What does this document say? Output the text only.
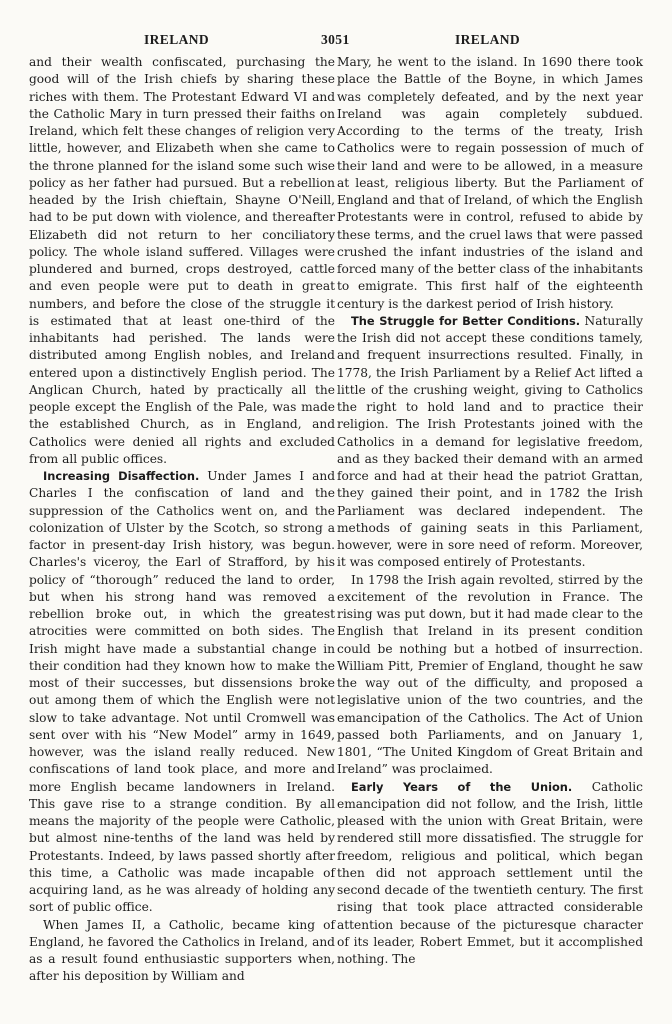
IRELAND	3051	IRELAND

and their wealth confiscated, purchasing the good will of the Irish chiefs by sharing these riches with them. The Protestant Edward VI and the Catholic Mary in turn pressed their faiths on Ireland, which felt these changes of religion very little, however, and Elizabeth when she came to the throne planned for the island some such wise policy as her father had pursued. But a rebellion headed by the Irish chieftain, Shayne O'Neill, had to be put down with violence, and thereafter Elizabeth did not return to her conciliatory policy. The whole island suffered. Villages were plundered and burned, crops destroyed, cattle and even people were put to death in great numbers, and before the close of the struggle it is estimated that at least one-third of the inhabitants had perished. The lands were distributed among English nobles, and Ireland entered upon a distinctively English period. The Anglican Church, hated by practically all the people except the English of the Pale, was made the established Church, as in England, and Catholics were denied all rights and excluded from all public offices.

Increasing Disaffection. Under James I and Charles I the confiscation of land and the suppression of the Catholics went on, and the colonization of Ulster by the Scotch, so strong a factor in present-day Irish history, was begun. Charles's viceroy, the Earl of Strafford, by his policy of “thorough” reduced the land to order, but when his strong hand was removed a rebellion broke out, in which the greatest atrocities were committed on both sides. The Irish might have made a substantial change in their condition had they known how to make the most of their successes, but dissensions broke out among them of which the English were not slow to take advantage. Not until Cromwell was sent over with his “New Model” army in 1649, however, was the island really reduced. New confiscations of land took place, and more and more English became landowners in Ireland. This gave rise to a strange condition. By all means the majority of the people were Catholic, but almost nine-tenths of the land was held by Protestants. Indeed, by laws passed shortly after this time, a Catholic was made incapable of acquiring land, as he was already of holding any sort of public office.

When James II, a Catholic, became king of England, he favored the Catholics in Ireland, and as a result found enthusiastic supporters when, after his deposition by William and

Mary, he went to the island. In 1690 there took place the Battle of the Boyne, in which James was completely defeated, and by the next year Ireland was again completely subdued. According to the terms of the treaty, Irish Catholics were to regain possession of much of their land and were to be allowed, in a measure at least, religious liberty. But the Parliament of England and that of Ireland, of which the English Protestants were in control, refused to abide by these terms, and the cruel laws that were passed crushed the infant industries of the island and forced many of the better class of the inhabitants to emigrate. This first half of the eighteenth century is the darkest period of Irish history.

The Struggle for Better Conditions. Naturally the Irish did not accept these conditions tamely, and frequent insurrections resulted. Finally, in 1778, the Irish Parliament by a Relief Act lifted a little of the crushing weight, giving to Catholics the right to hold land and to practice their religion. The Irish Protestants joined with the Catholics in a demand for legislative freedom, and as they backed their demand with an armed force and had at their head the patriot Grattan, they gained their point, and in 1782 the Irish Parliament was declared independent. The methods of gaining seats in this Parliament, however, were in sore need of reform. Moreover, it was composed entirely of Protestants.

In 1798 the Irish again revolted, stirred by the excitement of the revolution in France. The rising was put down, but it had made clear to the English that Ireland in its present condition could be nothing but a hotbed of insurrection. William Pitt, Premier of England, thought he saw the way out of the difficulty, and proposed a legislative union of the two countries, and the emancipation of the Catholics. The Act of Union passed both Parliaments, and on January 1, 1801, “The United Kingdom of Great Britain and Ireland” was proclaimed.

Early Years of the Union. Catholic emancipation did not follow, and the Irish, little pleased with the union with Great Britain, were rendered still more dissatisfied. The struggle for freedom, religious and political, which began then did not approach settlement until the second decade of the twentieth century. The first rising that took place attracted considerable attention because of the picturesque character of its leader, Robert Emmet, but it accomplished nothing. The
